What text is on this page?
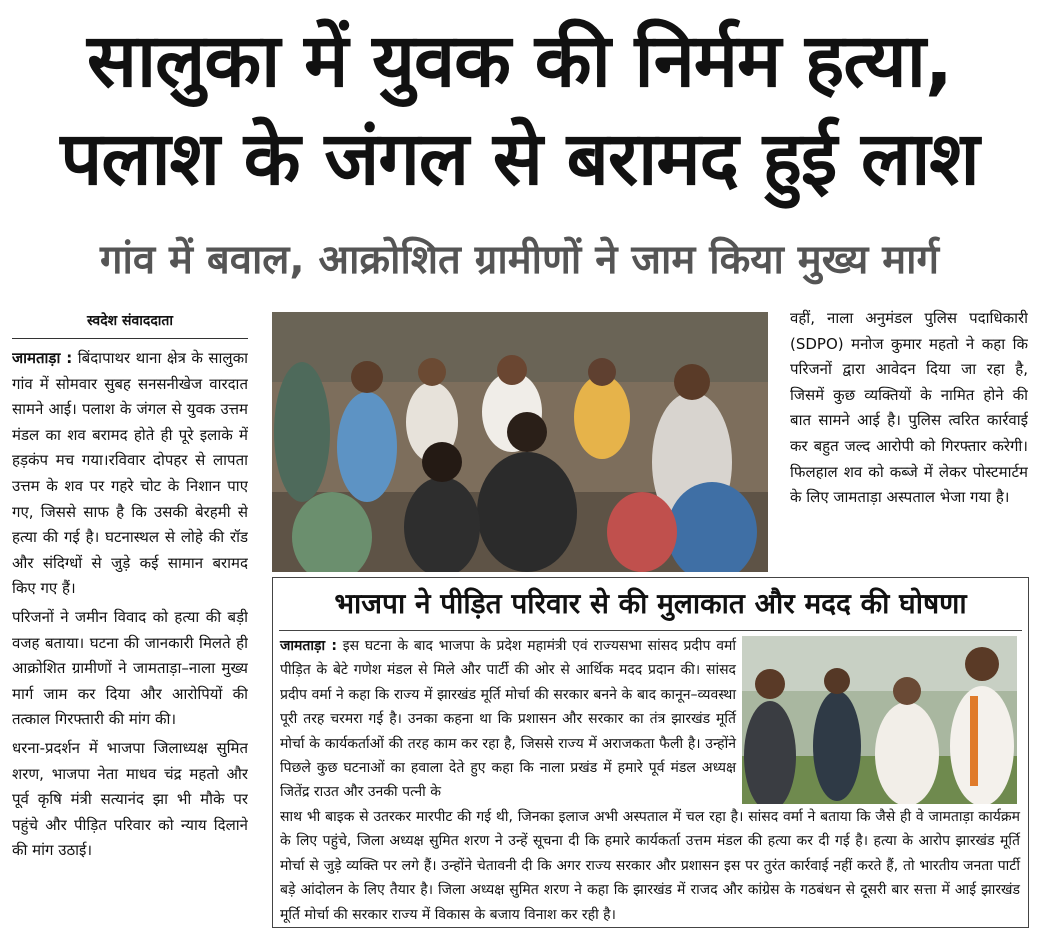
सालुका में युवक की निर्मम हत्या,
पलाश के जंगल से बरामद हुई लाश
गांव में बवाल, आक्रोशित ग्रामीणों ने जाम किया मुख्य मार्ग
स्वदेश संवाददाता

जामताड़ा : बिंदापाथर थाना क्षेत्र के सालुका गांव में सोमवार सुबह सनसनीखेज वारदात सामने आई। पलाश के जंगल से युवक उत्तम मंडल का शव बरामद होते ही पूरे इलाके में हड़कंप मच गया।रविवार दोपहर से लापता उत्तम के शव पर गहरे चोट के निशान पाए गए, जिससे साफ है कि उसकी बेरहमी से हत्या की गई है। घटनास्थल से लोहे की रॉड और संदिग्धों से जुड़े कई सामान बरामद किए गए हैं।

परिजनों ने जमीन विवाद को हत्या की बड़ी वजह बताया। घटना की जानकारी मिलते ही आक्रोशित ग्रामीणों ने जामताड़ा–नाला मुख्य मार्ग जाम कर दिया और आरोपियों की तत्काल गिरफ्तारी की मांग की।

धरना-प्रदर्शन में भाजपा जिलाध्यक्ष सुमित शरण, भाजपा नेता माधव चंद्र महतो और पूर्व कृषि मंत्री सत्यानंद झा भी मौके पर पहुंचे और पीड़ित परिवार को न्याय दिलाने की मांग उठाई।

वहीं, नाला अनुमंडल पुलिस पदाधिकारी (SDPO) मनोज कुमार महतो ने कहा कि परिजनों द्वारा आवेदन दिया जा रहा है, जिसमें कुछ व्यक्तियों के नामित होने की बात सामने आई है। पुलिस त्वरित कार्रवाई कर बहुत जल्द आरोपी को गिरफ्तार करेगी। फिलहाल शव को कब्जे में लेकर पोस्टमार्टम के लिए जामताड़ा अस्पताल भेजा गया है।

भाजपा ने पीड़ित परिवार से की मुलाकात और मदद की घोषणा

जामताड़ा : इस घटना के बाद भाजपा के प्रदेश महामंत्री एवं राज्यसभा सांसद प्रदीप वर्मा पीड़ित के बेटे गणेश मंडल से मिले और पार्टी की ओर से आर्थिक मदद प्रदान की। सांसद प्रदीप वर्मा ने कहा कि राज्य में झारखंड मूर्ति मोर्चा की सरकार बनने के बाद कानून–व्यवस्था पूरी तरह चरमरा गई है। उनका कहना था कि प्रशासन और सरकार का तंत्र झारखंड मूर्ति मोर्चा के कार्यकर्ताओं की तरह काम कर रहा है, जिससे राज्य में अराजकता फैली है। उन्होंने पिछले कुछ घटनाओं का हवाला देते हुए कहा कि नाला प्रखंड में हमारे पूर्व मंडल अध्यक्ष जितेंद्र राउत और उनकी पत्नी के

साथ भी बाइक से उतरकर मारपीट की गई थी, जिनका इलाज अभी अस्पताल में चल रहा है। सांसद वर्मा ने बताया कि जैसे ही वे जामताड़ा कार्यक्रम के लिए पहुंचे, जिला अध्यक्ष सुमित शरण ने उन्हें सूचना दी कि हमारे कार्यकर्ता उत्तम मंडल की हत्या कर दी गई है। हत्या के आरोप झारखंड मूर्ति मोर्चा से जुड़े व्यक्ति पर लगे हैं। उन्होंने चेतावनी दी कि अगर राज्य सरकार और प्रशासन इस पर तुरंत कार्रवाई नहीं करते हैं, तो भारतीय जनता पार्टी बड़े आंदोलन के लिए तैयार है। जिला अध्यक्ष सुमित शरण ने कहा कि झारखंड में राजद और कांग्रेस के गठबंधन से दूसरी बार सत्ता में आई झारखंड मूर्ति मोर्चा की सरकार राज्य में विकास के बजाय विनाश कर रही है।
